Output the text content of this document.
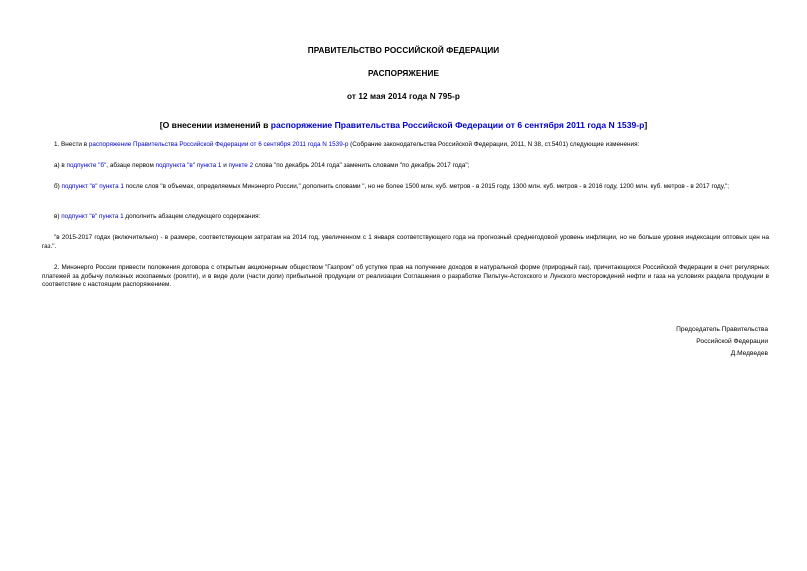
ПРАВИТЕЛЬСТВО РОССИЙСКОЙ ФЕДЕРАЦИИ
РАСПОРЯЖЕНИЕ
от 12 мая 2014 года N 795-р
[О внесении изменений в распоряжение Правительства Российской Федерации от 6 сентября 2011 года N 1539-р]
1. Внести в распоряжение Правительства Российской Федерации от 6 сентября 2011 года N 1539-р (Собрание законодательства Российской Федерации, 2011, N 38, ст.5401) следующие изменения:
а) в подпункте "б", абзаце первом подпункта "в" пункта 1 и пункте 2 слова "по декабрь 2014 года" заменить словами "по декабрь 2017 года";
б) подпункт "в" пункта 1 после слов "в объемах, определяемых Минэнерго России," дополнить словами ", но не более 1500 млн. куб. метров - в 2015 году, 1300 млн. куб. метров - в 2016 году, 1200 млн. куб. метров - в 2017 году,";
в) подпункт "в" пункта 1 дополнить абзацем следующего содержания:
"в 2015-2017 годах (включительно) - в размере, соответствующем затратам на 2014 год, увеличенном с 1 января соответствующего года на прогнозный среднегодовой уровень инфляции, но не больше уровня индексации оптовых цен на газ.".
2. Минэнерго России привести положения договора с открытым акционерным обществом "Газпром" об уступке прав на получение доходов в натуральной форме (природный газ), причитающихся Российской Федерации в счет регулярных платежей за добычу полезных ископаемых (роялти), и в виде доли (части доли) прибыльной продукции от реализации Соглашения о разработке Пильтун-Астохского и Лунского месторождений нефти и газа на условиях раздела продукции в соответствие с настоящим распоряжением.
Председатель Правительства
Российской Федерации
Д.Медведев
